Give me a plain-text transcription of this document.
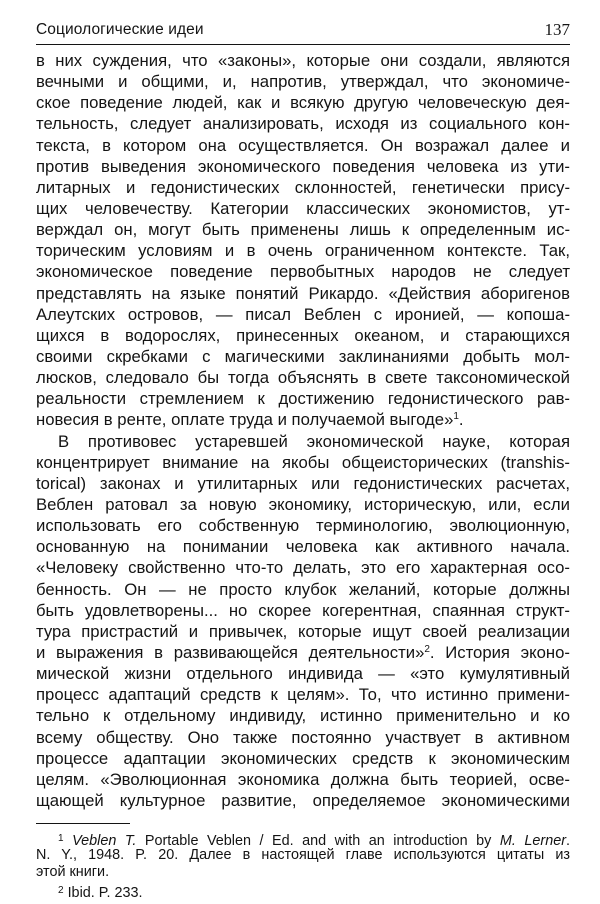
Социологические идеи	137
в них суждения, что «законы», которые они создали, являются
вечными и общими, и, напротив, утверждал, что экономиче-
ское поведение людей, как и всякую другую человеческую дея-
тельность, следует анализировать, исходя из социального кон-
текста, в котором она осуществляется. Он возражал далее и
против выведения экономического поведения человека из ути-
литарных и гедонистических склонностей, генетически прису-
щих человечеству. Категории классических экономистов, ут-
верждал он, могут быть применены лишь к определенным ис-
торическим условиям и в очень ограниченном контексте. Так,
экономическое поведение первобытных народов не следует
представлять на языке понятий Рикардо. «Действия аборигенов
Алеутских островов, — писал Веблен с иронией, — копоша-
щихся в водорослях, принесенных океаном, и старающихся
своими скребками с магическими заклинаниями добыть мол-
люсков, следовало бы тогда объяснять в свете таксономической
реальности стремлением к достижению гедонистического рав-
новесия в ренте, оплате труда и получаемой выгоде»$^1$.
В противовес устаревшей экономической науке, которая
концентрирует внимание на якобы общеисторических (transhis-
torical) законах и утилитарных или гедонистических расчетах,
Веблен ратовал за новую экономику, историческую, или, если
использовать его собственную терминологию, эволюционную,
основанную на понимании человека как активного начала.
«Человеку свойственно что-то делать, это его характерная осо-
бенность. Он — не просто клубок желаний, которые должны
быть удовлетворены... но скорее когерентная, спаянная структ-
тура пристрастий и привычек, которые ищут своей реализации
и выражения в развивающейся деятельности»$^2$. История эконо-
мической жизни отдельного индивида — «это кумулятивный
процесс адаптаций средств к целям». То, что истинно примени-
тельно к отдельному индивиду, истинно применительно и ко
всему обществу. Оно также постоянно участвует в активном
процессе адаптации экономических средств к экономическим
целям. «Эволюционная экономика должна быть теорией, осве-
щающей культурное развитие, определяемое экономическими
$^1$ Veblen T. Portable Veblen / Ed. and with an introduction by M. Lerner.
N. Y., 1948. P. 20. Далее в настоящей главе используются цитаты из
этой книги.
$^2$ Ibid. P. 233.
